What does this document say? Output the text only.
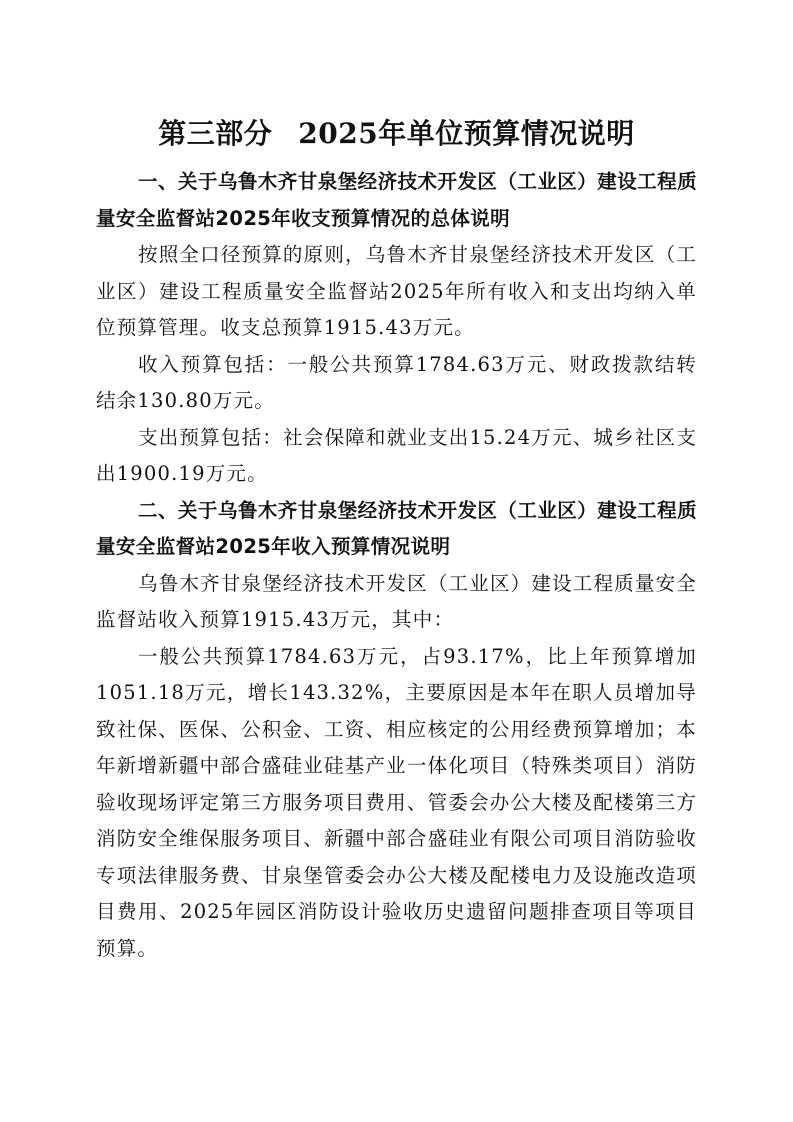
第三部分 2025年单位预算情况说明

一、关于乌鲁木齐甘泉堡经济技术开发区（工业区）建设工程质量安全监督站2025年收支预算情况的总体说明

按照全口径预算的原则，乌鲁木齐甘泉堡经济技术开发区（工业区）建设工程质量安全监督站2025年所有收入和支出均纳入单位预算管理。收支总预算1915.43万元。

收入预算包括：一般公共预算1784.63万元、财政拨款结转结余130.80万元。

支出预算包括：社会保障和就业支出15.24万元、城乡社区支出1900.19万元。

二、关于乌鲁木齐甘泉堡经济技术开发区（工业区）建设工程质量安全监督站2025年收入预算情况说明

乌鲁木齐甘泉堡经济技术开发区（工业区）建设工程质量安全监督站收入预算1915.43万元，其中：

一般公共预算1784.63万元，占93.17%，比上年预算增加1051.18万元，增长143.32%，主要原因是本年在职人员增加导致社保、医保、公积金、工资、相应核定的公用经费预算增加；本年新增新疆中部合盛硅业硅基产业一体化项目（特殊类项目）消防验收现场评定第三方服务项目费用、管委会办公大楼及配楼第三方消防安全维保服务项目、新疆中部合盛硅业有限公司项目消防验收专项法律服务费、甘泉堡管委会办公大楼及配楼电力及设施改造项目费用、2025年园区消防设计验收历史遗留问题排查项目等项目预算。
